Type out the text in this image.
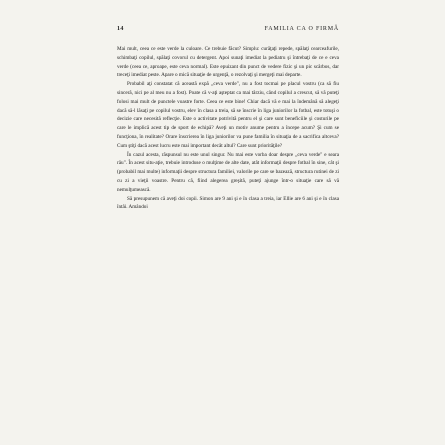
14	FAMILIA CA O FIRMĂ

Mai mult, ceea ce este verde la culoare. Ce trebuie făcut? Simplu: curăţaţi repede, spălaţi cearceafurile, schimbaţi copilul, spălaţi covorul cu detergent. Apoi sunaţi imediat la pediatru şi întrebaţi de ce e ceva verde (ceea ce, aproape, este ceva normal). Este epuizant din punct de vedere fizic şi un pic scârbos, dar treceţi imediat peste. Apare o mică situaţie de urgenţă, o rezolvaţi şi mergeţi mai departe.

Probabil aţi constatat că această expă „ceva verde", nu a fost tocmai pe placul vostru (ca să fiu sinceră, nici pe al meu nu a fost). Poate că v-aţi aşteptat ca mai târziu, când copilul a crescut, să vă puteţi folosi mai mult de punctele voastre forte. Ceea ce este bine! Chiar dacă vă e mai la îndemână să alegeţi dacă să-l lăsaţi pe copilul vostru, elev în clasa a treia, să se înscrie în liga juniorilor la fotbal, este totuşi o decizie care necesită reflecţie. Este o activitate potrivită pentru el şi care sunt beneficiile şi costurile pe care le implică acest tip de sport de echipă? Aveţi un motiv anume pentru a începe acum? Şi cum se funcţiona, în realitate? Orare înscrierea în liga juniorilor va pune familia în situaţia de a sacrifica altceva? Cum ştiţi dacă acest lucru este mai important decât altul? Care sunt priorităţile?

În cazul acesta, răspunsul nu este unul singur. Nu mai este vorba doar despre „ceva verde" e seara râu". În acest situ-aţie, trebuie introduse o mulţime de alte date, atât informaţii despre fotbal în sine, cât şi (probabil mai multe) informaţii despre structura familiei, valorile pe care se bazează, structura rutinei de zi cu zi a vieţii voastre. Pentru că, fiind alegerea greşită, puteţi ajunge într-o situaţie care să vă nemulţumească.

Să presupunem că aveţi doi copii. Simon are 9 ani şi e în clasa a treia, iar Ellie are 6 ani şi e în clasa întâi. Amândoi
